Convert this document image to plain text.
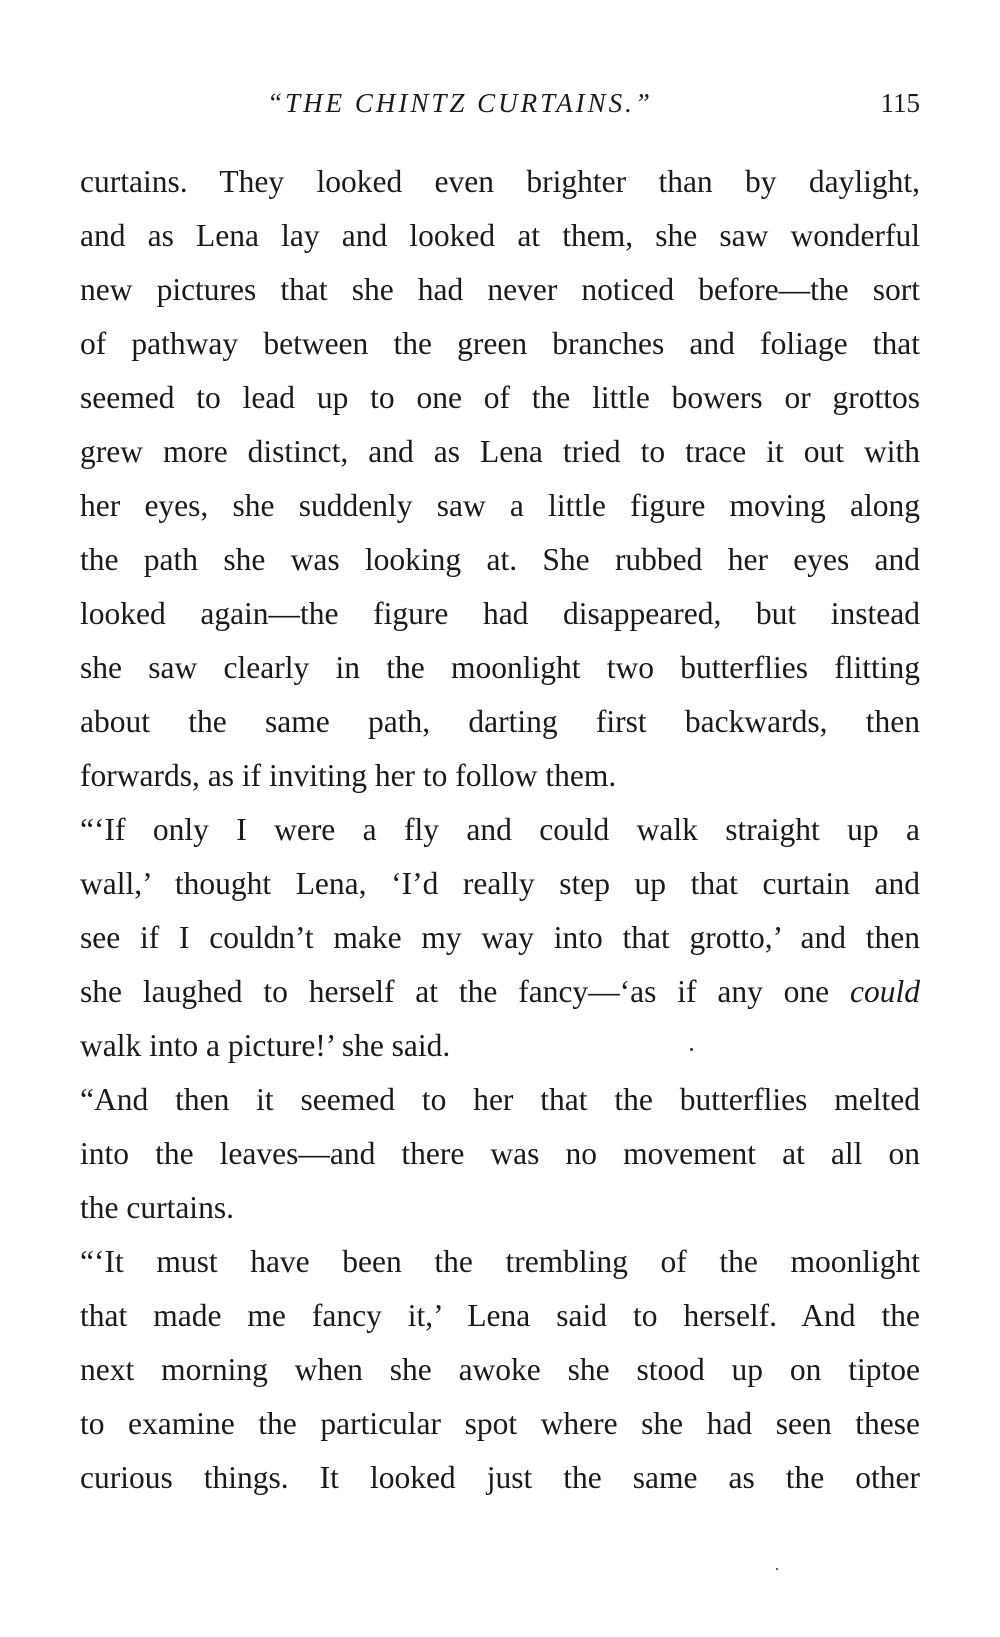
“THE CHINTZ CURTAINS.”	115
curtains. They looked even brighter than by daylight,
and as Lena lay and looked at them, she saw wonderful
new pictures that she had never noticed before—the sort
of pathway between the green branches and foliage that
seemed to lead up to one of the little bowers or grottos
grew more distinct, and as Lena tried to trace it out with
her eyes, she suddenly saw a little figure moving along
the path she was looking at. She rubbed her eyes and
looked again—the figure had disappeared, but instead
she saw clearly in the moonlight two butterflies flitting
about the same path, darting first backwards, then
forwards, as if inviting her to follow them.
“‘If only I were a fly and could walk straight up a
wall,’ thought Lena, ‘I’d really step up that curtain and
see if I couldn’t make my way into that grotto,’ and then
she laughed to herself at the fancy—‘as if any one could
walk into a picture!’ she said.
“And then it seemed to her that the butterflies melted
into the leaves—and there was no movement at all on
the curtains.
“‘It must have been the trembling of the moonlight
that made me fancy it,’ Lena said to herself. And the
next morning when she awoke she stood up on tiptoe
to examine the particular spot where she had seen these
curious things. It looked just the same as the other
